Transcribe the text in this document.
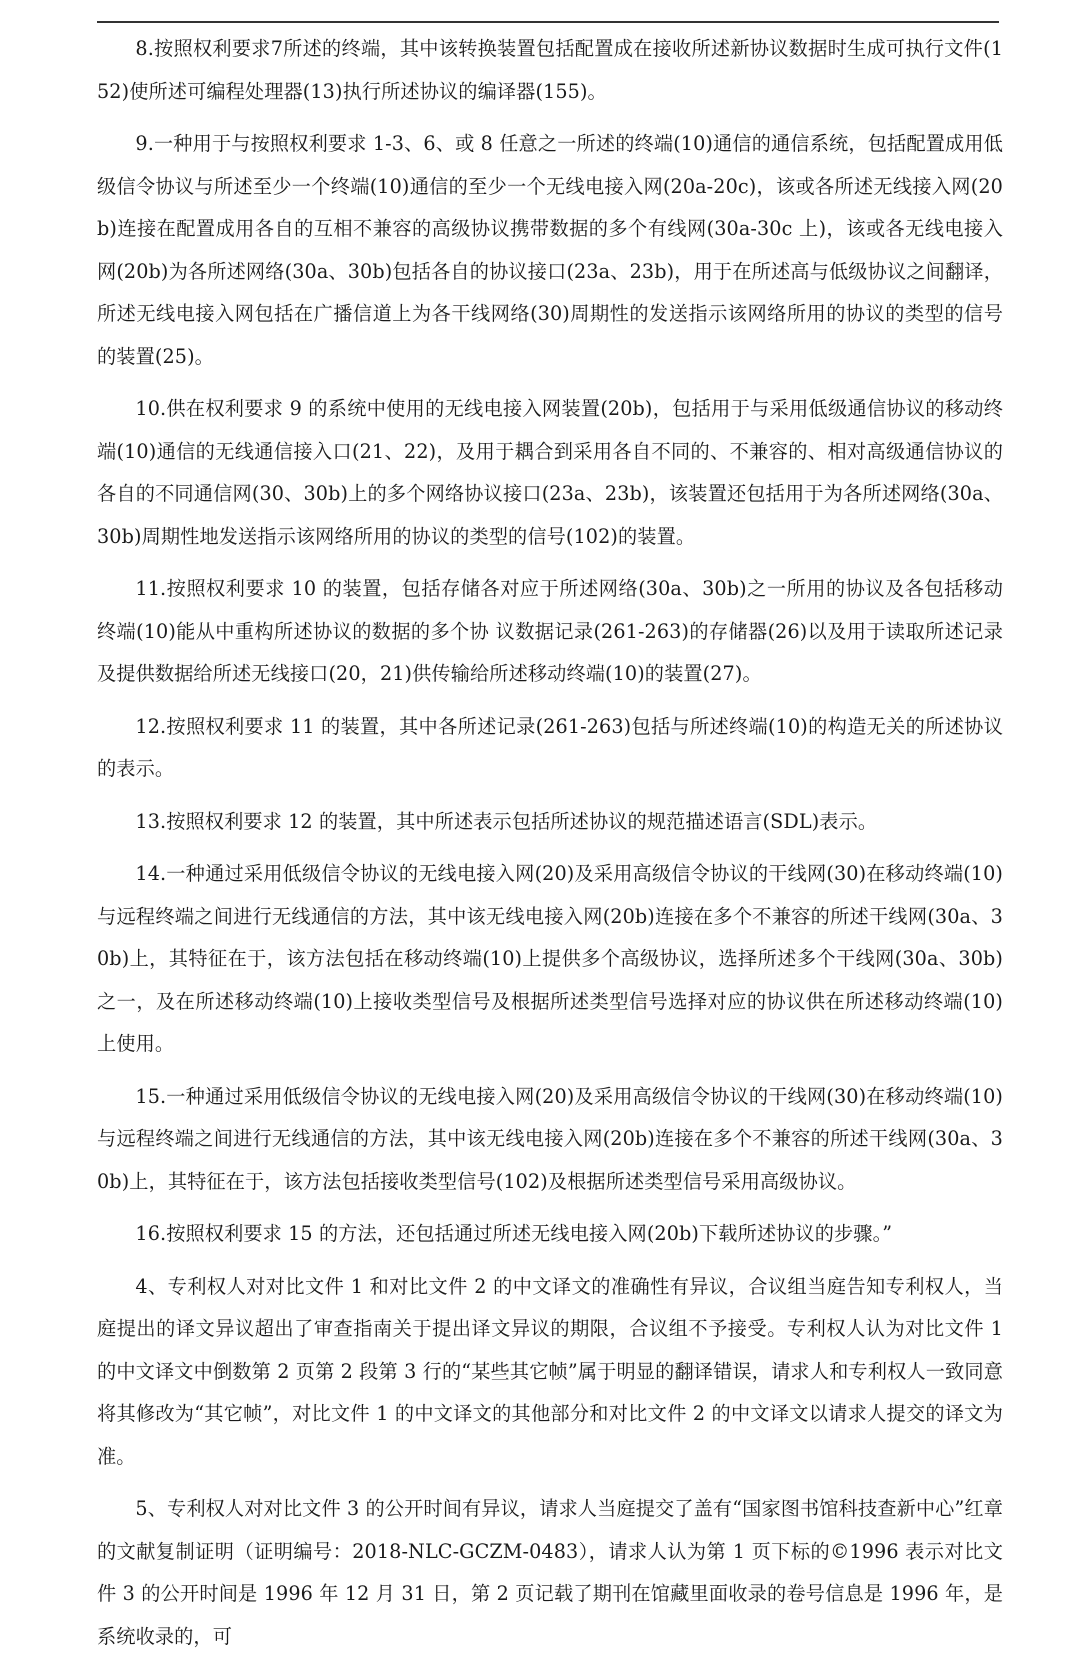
8.按照权利要求7所述的终端，其中该转换装置包括配置成在接收所述新协议数据时生成可执行文件(152)使所述可编程处理器(13)执行所述协议的编译器(155)。

9.一种用于与按照权利要求 1-3、6、或 8 任意之一所述的终端(10)通信的通信系统，包括配置成用低级信令协议与所述至少一个终端(10)通信的至少一个无线电接入网(20a-20c)，该或各所述无线接入网(20b)连接在配置成用各自的互相不兼容的高级协议携带数据的多个有线网(30a-30c 上)，该或各无线电接入网(20b)为各所述网络(30a、30b)包括各自的协议接口(23a、23b)，用于在所述高与低级协议之间翻译，所述无线电接入网包括在广播信道上为各干线网络(30)周期性的发送指示该网络所用的协议的类型的信号的装置(25)。

10.供在权利要求 9 的系统中使用的无线电接入网装置(20b)，包括用于与采用低级通信协议的移动终端(10)通信的无线通信接入口(21、22)，及用于耦合到采用各自不同的、不兼容的、相对高级通信协议的各自的不同通信网(30、30b)上的多个网络协议接口(23a、23b)，该装置还包括用于为各所述网络(30a、30b)周期性地发送指示该网络所用的协议的类型的信号(102)的装置。

11.按照权利要求 10 的装置，包括存储各对应于所述网络(30a、30b)之一所用的协议及各包括移动终端(10)能从中重构所述协议的数据的多个协 议数据记录(261-263)的存储器(26)以及用于读取所述记录及提供数据给所述无线接口(20，21)供传输给所述移动终端(10)的装置(27)。

12.按照权利要求 11 的装置，其中各所述记录(261-263)包括与所述终端(10)的构造无关的所述协议的表示。

13.按照权利要求 12 的装置，其中所述表示包括所述协议的规范描述语言(SDL)表示。

14.一种通过采用低级信令协议的无线电接入网(20)及采用高级信令协议的干线网(30)在移动终端(10)与远程终端之间进行无线通信的方法，其中该无线电接入网(20b)连接在多个不兼容的所述干线网(30a、30b)上，其特征在于，该方法包括在移动终端(10)上提供多个高级协议，选择所述多个干线网(30a、30b)之一，及在所述移动终端(10)上接收类型信号及根据所述类型信号选择对应的协议供在所述移动终端(10)上使用。

15.一种通过采用低级信令协议的无线电接入网(20)及采用高级信令协议的干线网(30)在移动终端(10)与远程终端之间进行无线通信的方法，其中该无线电接入网(20b)连接在多个不兼容的所述干线网(30a、30b)上，其特征在于，该方法包括接收类型信号(102)及根据所述类型信号采用高级协议。

16.按照权利要求 15 的方法，还包括通过所述无线电接入网(20b)下载所述协议的步骤。”

4、专利权人对对比文件 1 和对比文件 2 的中文译文的准确性有异议，合议组当庭告知专利权人，当庭提出的译文异议超出了审查指南关于提出译文异议的期限，合议组不予接受。专利权人认为对比文件 1 的中文译文中倒数第 2 页第 2 段第 3 行的“某些其它帧”属于明显的翻译错误，请求人和专利权人一致同意将其修改为“其它帧”，对比文件 1 的中文译文的其他部分和对比文件 2 的中文译文以请求人提交的译文为准。

5、专利权人对对比文件 3 的公开时间有异议，请求人当庭提交了盖有“国家图书馆科技查新中心”红章的文献复制证明（证明编号：2018-NLC-GCZM-0483），请求人认为第 1 页下标的©1996 表示对比文件 3 的公开时间是 1996 年 12 月 31 日，第 2 页记载了期刊在馆藏里面收录的卷号信息是 1996 年，是系统收录的，可
